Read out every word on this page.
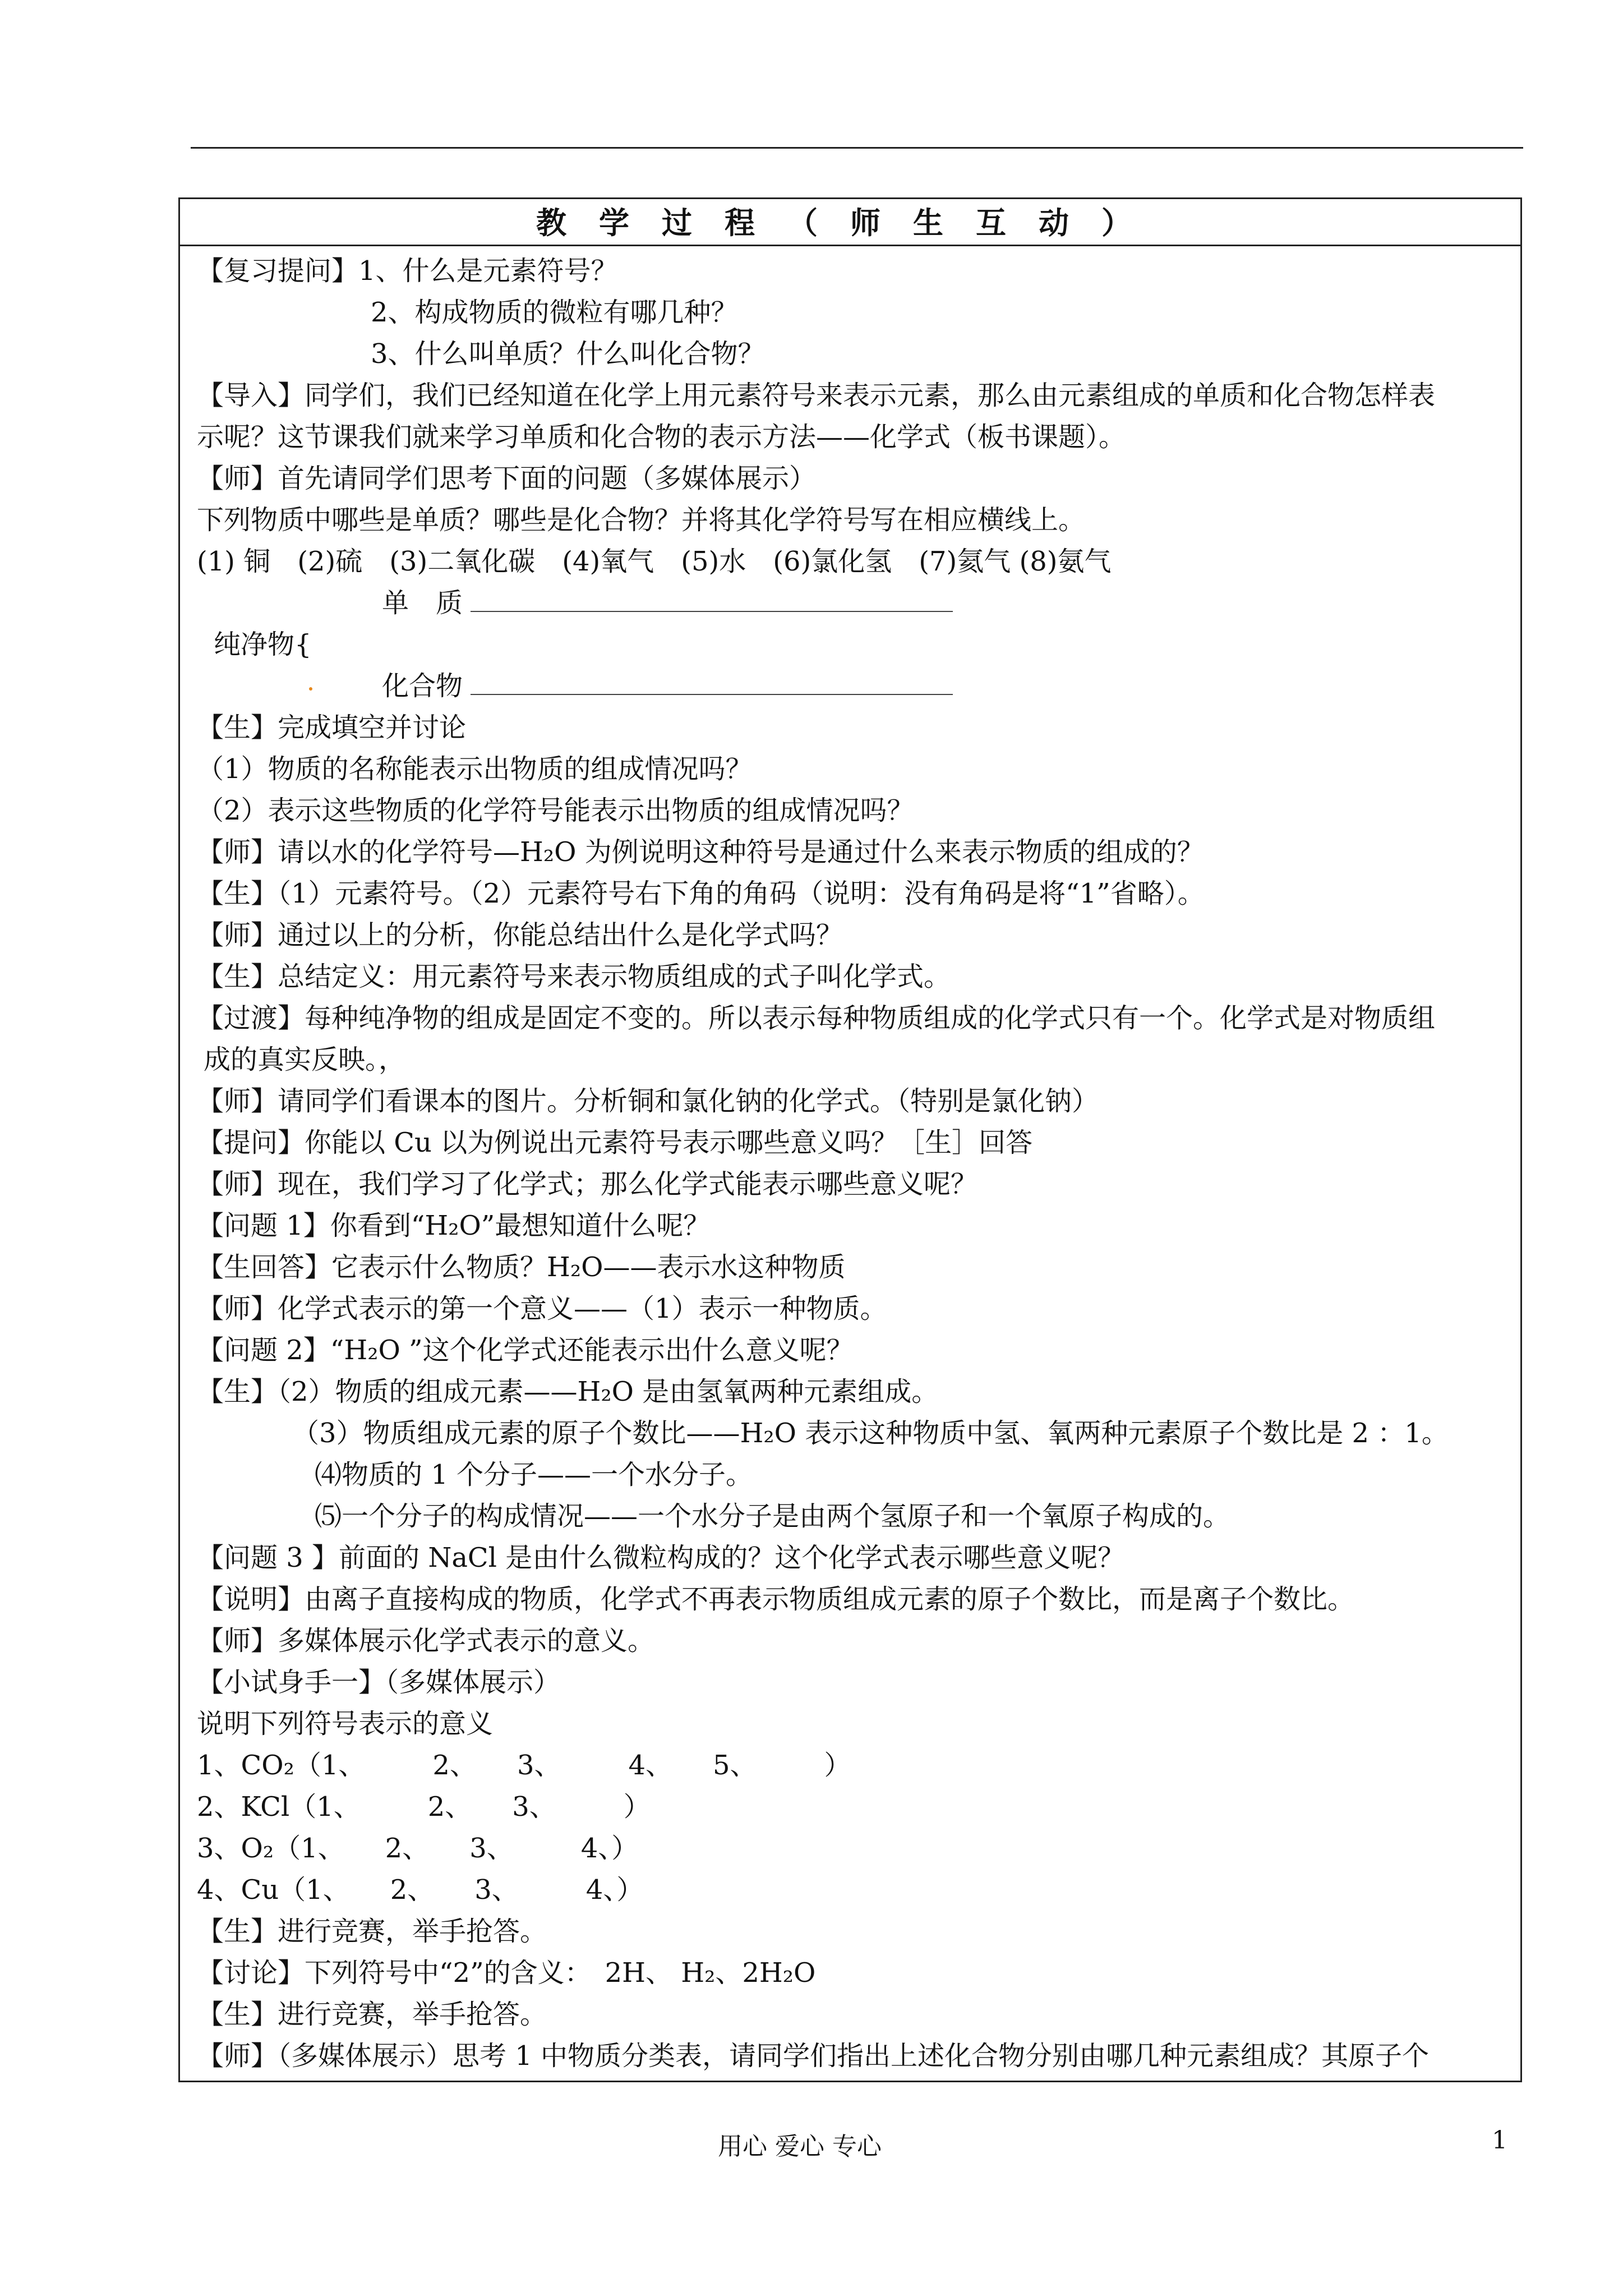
教学过程（师生互动）
【复习提问】1、什么是元素符号？
2、构成物质的微粒有哪几种？
3、什么叫单质？什么叫化合物？
【导入】同学们，我们已经知道在化学上用元素符号来表示元素，那么由元素组成的单质和化合物怎样表
示呢？这节课我们就来学习单质和化合物的表示方法——化学式（板书课题）。
【师】首先请同学们思考下面的问题（多媒体展示）
下列物质中哪些是单质？哪些是化合物？并将其化学符号写在相应横线上。
(1) 铜　(2)硫　(3)二氧化碳　(4)氧气　(5)水　(6)氯化氢　(7)氦气 (8)氨气
单　质
纯净物{
化合物
【生】完成填空并讨论
（1）物质的名称能表示出物质的组成情况吗？
（2）表示这些物质的化学符号能表示出物质的组成情况吗？
【师】请以水的化学符号—H₂O 为例说明这种符号是通过什么来表示物质的组成的？
【生】（1）元素符号。（2）元素符号右下角的角码（说明：没有角码是将“1”省略）。
【师】通过以上的分析，你能总结出什么是化学式吗？
【生】总结定义：用元素符号来表示物质组成的式子叫化学式。
【过渡】每种纯净物的组成是固定不变的。所以表示每种物质组成的化学式只有一个。化学式是对物质组
成的真实反映。，
【师】请同学们看课本的图片。分析铜和氯化钠的化学式。（特别是氯化钠）
【提问】你能以 Cu 以为例说出元素符号表示哪些意义吗？［生］回答
【师】现在，我们学习了化学式；那么化学式能表示哪些意义呢？
【问题 1】你看到“H₂O”最想知道什么呢？
【生回答】它表示什么物质？H₂O——表示水这种物质
【师】化学式表示的第一个意义——（1）表示一种物质。
【问题 2】“H₂O ”这个化学式还能表示出什么意义呢？
【生】（2）物质的组成元素——H₂O 是由氢氧两种元素组成。
（3）物质组成元素的原子个数比——H₂O 表示这种物质中氢、氧两种元素原子个数比是 2 ：1。
⑷物质的 1 个分子——一个水分子。
⑸一个分子的构成情况——一个水分子是由两个氢原子和一个氧原子构成的。
【问题 3 】前面的 NaCl 是由什么微粒构成的？这个化学式表示哪些意义呢？
【说明】由离子直接构成的物质，化学式不再表示物质组成元素的原子个数比，而是离子个数比。
【师】多媒体展示化学式表示的意义。
【小试身手一】（多媒体展示）
说明下列符号表示的意义
1、CO₂（1、　　　2、　　3、　　　4、　　5、　　　）
2、KCl（1、　　　2、　　3、　　　）
3、O₂（1、　　2、　　3、　　　4、）
4、Cu（1、　　2、　　3、　　　4、）
【生】进行竞赛，举手抢答。
【讨论】下列符号中“2”的含义：　2H、 H₂、2H₂O
【生】进行竞赛，举手抢答。
【师】（多媒体展示）思考 1 中物质分类表，请同学们指出上述化合物分别由哪几种元素组成？其原子个
用心 爱心 专心	1
